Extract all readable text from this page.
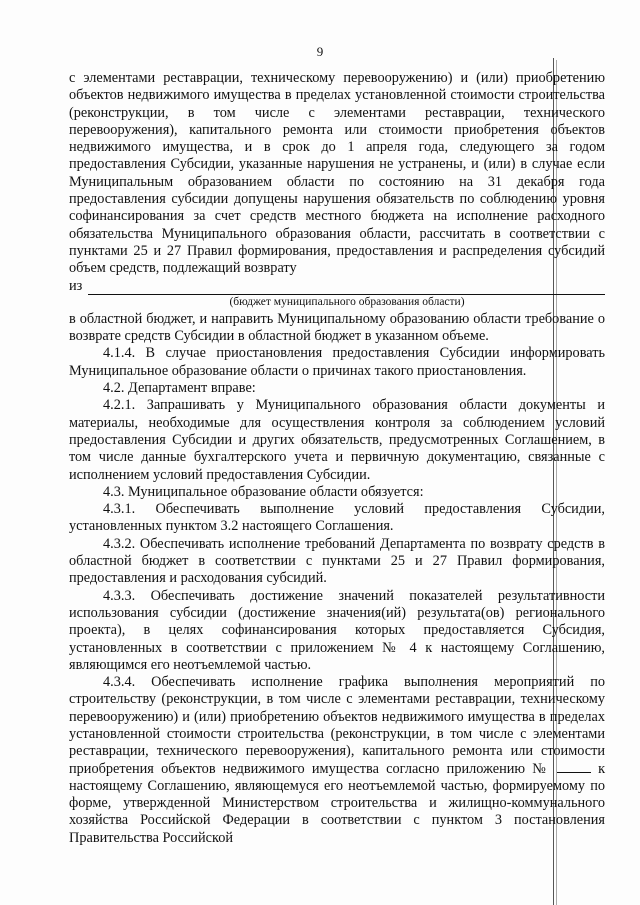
9

с элементами реставрации, техническому перевооружению) и (или) приобретению объектов недвижимого имущества в пределах установленной стоимости строительства (реконструкции, в том числе с элементами реставрации, технического перевооружения), капитального ремонта или стоимости приобретения объектов недвижимого имущества, и в срок до 1 апреля года, следующего за годом предоставления Субсидии, указанные нарушения не устранены, и (или) в случае если Муниципальным образованием области по состоянию на 31 декабря года предоставления субсидии допущены нарушения обязательств по соблюдению уровня софинансирования за счет средств местного бюджета на исполнение расходного обязательства Муниципального образования области, рассчитать в соответствии с пунктами 25 и 27 Правил формирования, предоставления и распределения субсидий объем средств, подлежащий возврату

из
(бюджет муниципального образования области)

в областной бюджет, и направить Муниципальному образованию области требование о возврате средств Субсидии в областной бюджет в указанном объеме.

4.1.4. В случае приостановления предоставления Субсидии информировать Муниципальное образование области о причинах такого приостановления.

4.2. Департамент вправе:

4.2.1. Запрашивать у Муниципального образования области документы и материалы, необходимые для осуществления контроля за соблюдением условий предоставления Субсидии и других обязательств, предусмотренных Соглашением, в том числе данные бухгалтерского учета и первичную документацию, связанные с исполнением условий предоставления Субсидии.

4.3. Муниципальное образование области обязуется:

4.3.1. Обеспечивать выполнение условий предоставления Субсидии, установленных пунктом 3.2 настоящего Соглашения.

4.3.2. Обеспечивать исполнение требований Департамента по возврату средств в областной бюджет в соответствии с пунктами 25 и 27 Правил формирования, предоставления и расходования субсидий.

4.3.3. Обеспечивать достижение значений показателей результативности использования субсидии (достижение значения(ий) результата(ов) регионального проекта), в целях софинансирования которых предоставляется Субсидия, установленных в соответствии с приложением № 4 к настоящему Соглашению, являющимся его неотъемлемой частью.

4.3.4. Обеспечивать исполнение графика выполнения мероприятий по строительству (реконструкции, в том числе с элементами реставрации, техническому перевооружению) и (или) приобретению объектов недвижимого имущества в пределах установленной стоимости строительства (реконструкции, в том числе с элементами реставрации, технического перевооружения), капитального ремонта или стоимости приобретения объектов недвижимого имущества согласно приложению №	к настоящему Соглашению, являющемуся его неотъемлемой частью, формируемому по форме, утвержденной Министерством строительства и жилищно-коммунального хозяйства Российской Федерации в соответствии с пунктом 3 постановления Правительства Российской
